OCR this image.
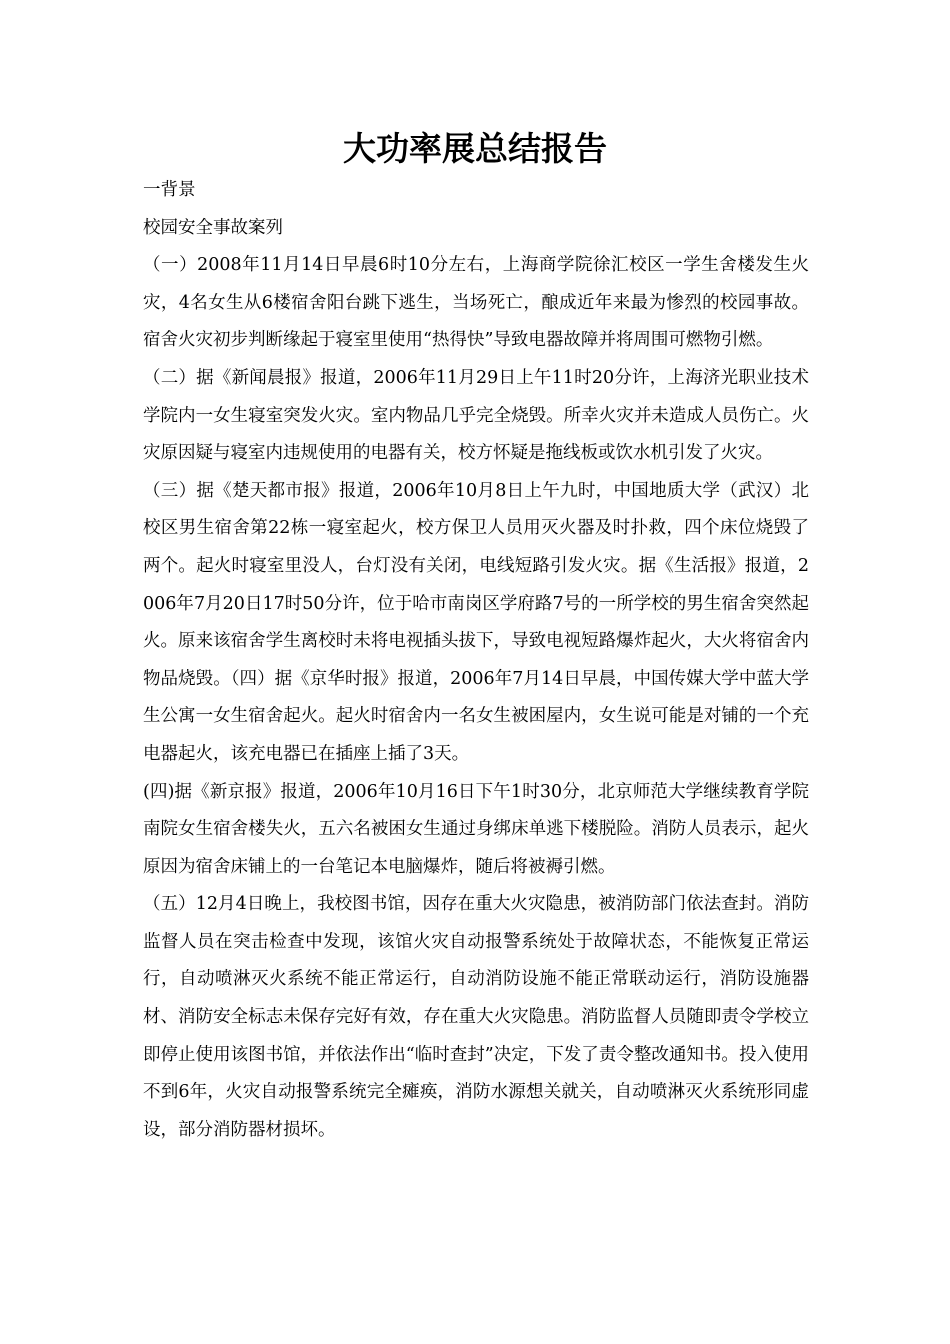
大功率展总结报告

一背景

校园安全事故案列

（一）2008年11月14日早晨6时10分左右，上海商学院徐汇校区一学生舍楼发生火灾，4名女生从6楼宿舍阳台跳下逃生，当场死亡，酿成近年来最为惨烈的校园事故。宿舍火灾初步判断缘起于寝室里使用“热得快”导致电器故障并将周围可燃物引燃。

（二）据《新闻晨报》报道，2006年11月29日上午11时20分许，上海济光职业技术学院内一女生寝室突发火灾。室内物品几乎完全烧毁。所幸火灾并未造成人员伤亡。火灾原因疑与寝室内违规使用的电器有关，校方怀疑是拖线板或饮水机引发了火灾。

（三）据《楚天都市报》报道，2006年10月8日上午九时，中国地质大学（武汉）北校区男生宿舍第22栋一寝室起火，校方保卫人员用灭火器及时扑救，四个床位烧毁了两个。起火时寝室里没人，台灯没有关闭，电线短路引发火灾。据《生活报》报道，2006年7月20日17时50分许，位于哈市南岗区学府路7号的一所学校的男生宿舍突然起火。原来该宿舍学生离校时未将电视插头拔下，导致电视短路爆炸起火，大火将宿舍内物品烧毁。（四）据《京华时报》报道，2006年7月14日早晨，中国传媒大学中蓝大学生公寓一女生宿舍起火。起火时宿舍内一名女生被困屋内，女生说可能是对铺的一个充电器起火，该充电器已在插座上插了3天。

(四)据《新京报》报道，2006年10月16日下午1时30分，北京师范大学继续教育学院南院女生宿舍楼失火，五六名被困女生通过身绑床单逃下楼脱险。消防人员表示，起火原因为宿舍床铺上的一台笔记本电脑爆炸，随后将被褥引燃。

（五）12月4日晚上，我校图书馆，因存在重大火灾隐患，被消防部门依法查封。消防监督人员在突击检查中发现，该馆火灾自动报警系统处于故障状态，不能恢复正常运行，自动喷淋灭火系统不能正常运行，自动消防设施不能正常联动运行，消防设施器材、消防安全标志未保存完好有效，存在重大火灾隐患。消防监督人员随即责令学校立即停止使用该图书馆，并依法作出“临时查封”决定，下发了责令整改通知书。投入使用不到6年，火灾自动报警系统完全瘫痪，消防水源想关就关，自动喷淋灭火系统形同虚设，部分消防器材损坏。
